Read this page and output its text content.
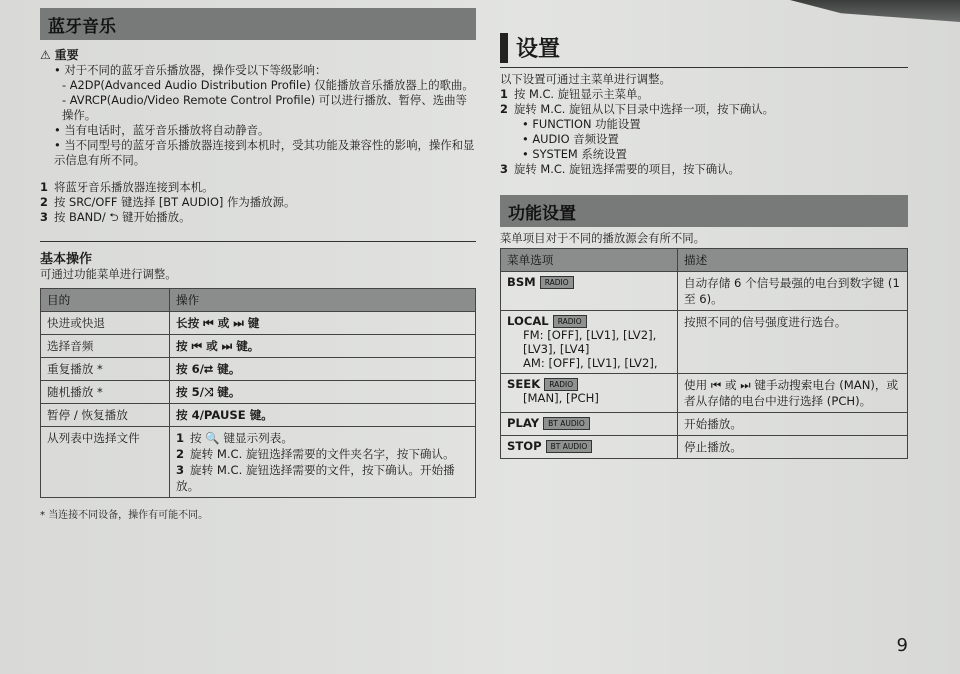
蓝牙音乐
⚠ 重要
• 对于不同的蓝牙音乐播放器，操作受以下等级影响：
- A2DP(Advanced Audio Distribution Profile) 仅能播放音乐播放器上的歌曲。
- AVRCP(Audio/Video Remote Control Profile) 可以进行播放、暂停、选曲等操作。
• 当有电话时，蓝牙音乐播放将自动静音。
• 当不同型号的蓝牙音乐播放器连接到本机时，受其功能及兼容性的影响，操作和显示信息有所不同。
1 将蓝牙音乐播放器连接到本机。
2 按 SRC/OFF 键选择 [BT AUDIO] 作为播放源。
3 按 BAND/ ⮌ 键开始播放。
基本操作
可通过功能菜单进行调整。
目的	操作
快进或快退	长按 ⏮ 或 ⏭ 键
选择音频	按 ⏮ 或 ⏭ 键。
重复播放 *	按 6/⮂ 键。
随机播放 *	按 5/⤨ 键。
暂停 / 恢复播放	按 4/PAUSE 键。
从列表中选择文件	1 按 🔍 键显示列表。
2 旋转 M.C. 旋钮选择需要的文件夹名字，按下确认。
3 旋转 M.C. 旋钮选择需要的文件，按下确认。开始播放。
* 当连接不同设备，操作有可能不同。
设置
以下设置可通过主菜单进行调整。
1 按 M.C. 旋钮显示主菜单。
2 旋转 M.C. 旋钮从以下目录中选择一项，按下确认。
• FUNCTION 功能设置
• AUDIO 音频设置
• SYSTEM 系统设置
3 旋转 M.C. 旋钮选择需要的项目，按下确认。
功能设置
菜单项目对于不同的播放源会有所不同。
菜单选项	描述
BSM RADIO	自动存储 6 个信号最强的电台到数字键 (1 至 6)。
LOCAL RADIO
FM: [OFF], [LV1], [LV2], [LV3], [LV4]
AM: [OFF], [LV1], [LV2],	按照不同的信号强度进行选台。
SEEK RADIO
[MAN], [PCH]	使用 ⏮ 或 ⏭ 键手动搜索电台 (MAN)，或者从存储的电台中进行选择 (PCH)。
PLAY BT AUDIO	开始播放。
STOP BT AUDIO	停止播放。
9
